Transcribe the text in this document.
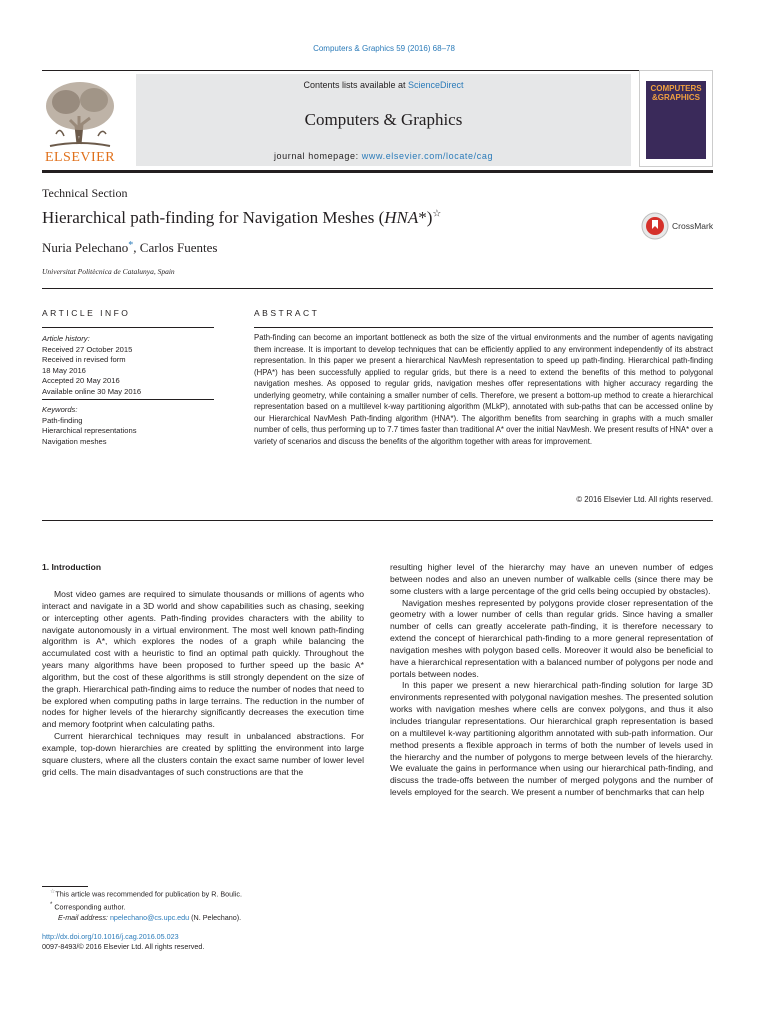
Computers & Graphics 59 (2016) 68–78
ELSEVIER
Contents lists available at ScienceDirect
Computers & Graphics
journal homepage: www.elsevier.com/locate/cag
COMPUTERS
&GRAPHICS
Technical Section
Hierarchical path-finding for Navigation Meshes (HNA*)☆
CrossMark
Nuria Pelechano*, Carlos Fuentes
Universitat Politècnica de Catalunya, Spain
ARTICLE INFO	ABSTRACT
Article history:
Received 27 October 2015
Received in revised form
18 May 2016
Accepted 20 May 2016
Available online 30 May 2016
Keywords:
Path-finding
Hierarchical representations
Navigation meshes
Path-finding can become an important bottleneck as both the size of the virtual environments and the number of agents navigating them increase. It is important to develop techniques that can be efficiently applied to any environment independently of its abstract representation. In this paper we present a hierarchical NavMesh representation to speed up path-finding. Hierarchical path-finding (HPA*) has been successfully applied to regular grids, but there is a need to extend the benefits of this method to polygonal navigation meshes. As opposed to regular grids, navigation meshes offer representations with higher accuracy regarding the underlying geometry, while containing a smaller number of cells. Therefore, we present a bottom-up method to create a hierarchical representation based on a multilevel k-way partitioning algorithm (MLkP), annotated with sub-paths that can be accessed online by our Hierarchical NavMesh Path-finding algorithm (HNA*). The algorithm benefits from searching in graphs with a much smaller number of cells, thus performing up to 7.7 times faster than traditional A* over the initial NavMesh. We present results of HNA* over a variety of scenarios and discuss the benefits of the algorithm together with areas for improvement.
© 2016 Elsevier Ltd. All rights reserved.
1. Introduction

Most video games are required to simulate thousands or millions of agents who interact and navigate in a 3D world and show capabilities such as chasing, seeking or intercepting other agents. Path-finding provides characters with the ability to navigate autonomously in a virtual environment. The most well known path-finding algorithm is A*, which explores the nodes of a graph while balancing the accumulated cost with a heuristic to find an optimal path quickly. Throughout the years many algorithms have been proposed to further speed up the basic A* algorithm, but the cost of these algorithms is still strongly dependent on the size of the graph. Hierarchical path-finding aims to reduce the number of nodes that need to be explored when computing paths in large terrains. The reduction in the number of nodes for higher levels of the hierarchy significantly decreases the execution time and memory footprint when calculating paths.

Current hierarchical techniques may result in unbalanced abstractions. For example, top-down hierarchies are created by splitting the environment into large square clusters, where all the clusters contain the exact same number of lower level grid cells. The main disadvantages of such constructions are that the

resulting higher level of the hierarchy may have an uneven number of edges between nodes and also an uneven number of walkable cells (since there may be some clusters with a large percentage of the grid cells being occupied by obstacles).

Navigation meshes represented by polygons provide closer representation of the geometry with a lower number of cells than regular grids. Since having a smaller number of cells can greatly accelerate path-finding, it is therefore necessary to extend the concept of hierarchical path-finding to a more general representation of navigation meshes with polygon based cells. Moreover it would also be beneficial to have a hierarchical representation with a balanced number of polygons per node and portals between nodes.

In this paper we present a new hierarchical path-finding solution for large 3D environments represented with polygonal navigation meshes. The presented solution works with navigation meshes where cells are convex polygons, and thus it also includes triangular representations. Our hierarchical graph representation is based on a multilevel k-way partitioning algorithm annotated with sub-path information. Our method presents a flexible approach in terms of both the number of levels used in the hierarchy and the number of polygons to merge between levels of the hierarchy. We evaluate the gains in performance when using our hierarchical path-finding, and discuss the trade-offs between the number of merged polygons and the number of levels employed for the search. We present a number of benchmarks that can help

☆This article was recommended for publication by R. Boulic.
* Corresponding author.
E-mail address: npelechano@cs.upc.edu (N. Pelechano).
http://dx.doi.org/10.1016/j.cag.2016.05.023
0097-8493/© 2016 Elsevier Ltd. All rights reserved.
